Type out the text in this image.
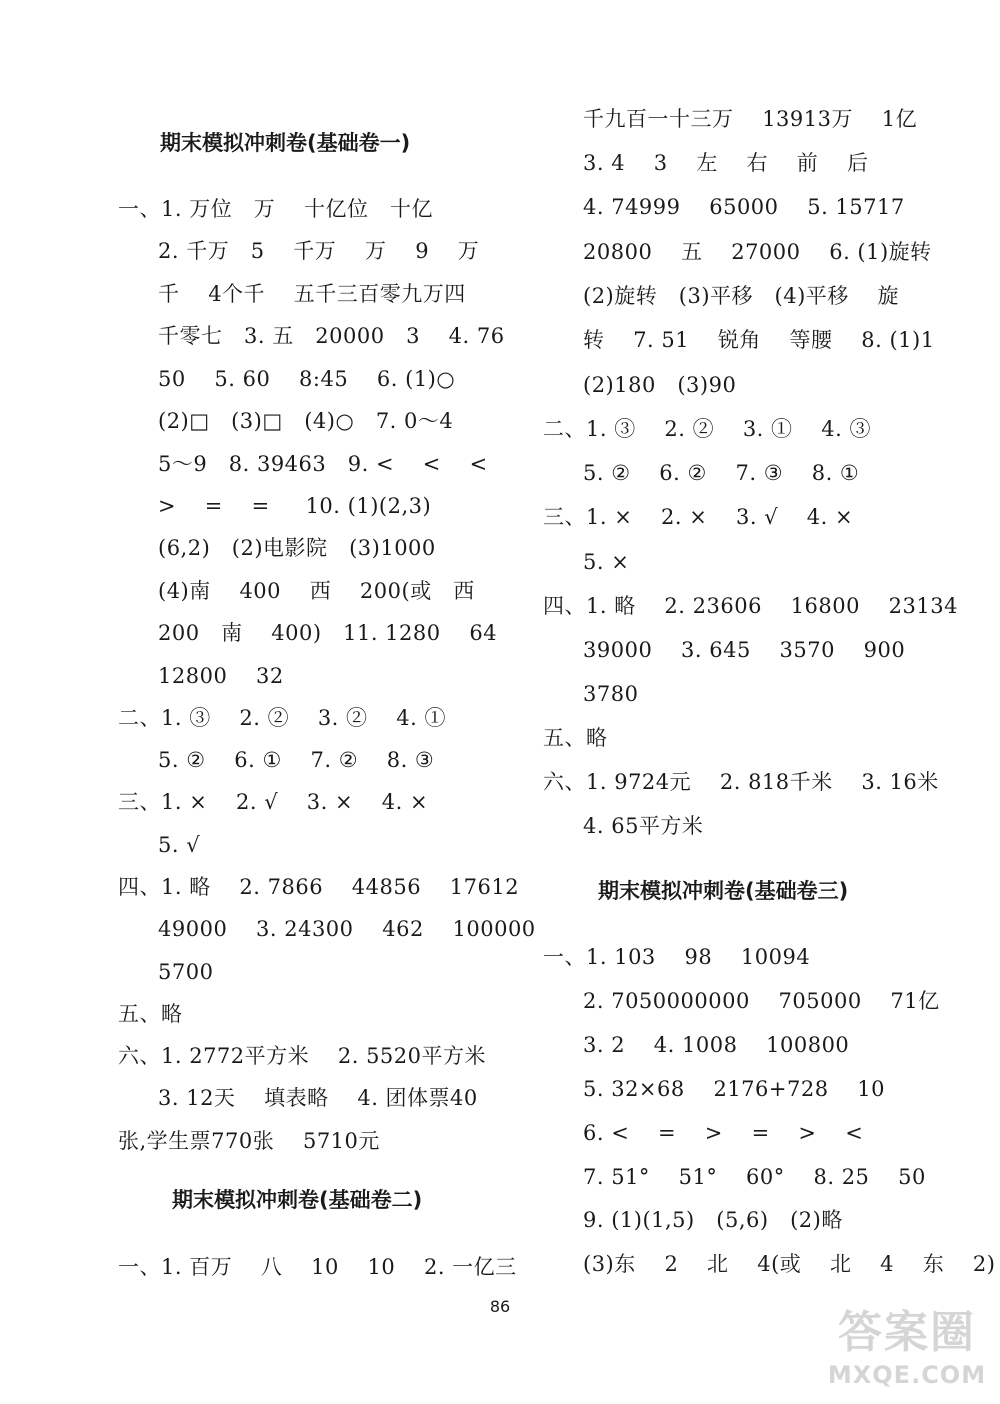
期末模拟冲刺卷(基础卷一)

一、1. 万位   万    十亿位   十亿

2. 千万   5    千万    万    9    万

千    4个千    五千三百零九万四

千零七   3. 五   20000   3    4. 76

50    5. 60    8:45    6. (1)○

(2)□   (3)□   (4)○   7. 0～4

5～9   8. 39463   9. <    <    <

>    =    =     10. (1)(2,3)

(6,2)   (2)电影院   (3)1000

(4)南    400    西    200(或   西

200   南    400)   11. 1280    64

12800    32

二、1. ③    2. ②    3. ②    4. ①

5. ②    6. ①    7. ②    8. ③

三、1. ×    2. √    3. ×    4. ×

5. √

四、1. 略    2. 7866    44856    17612

49000    3. 24300    462    100000

5700

五、略

六、1. 2772平方米    2. 5520平方米

3. 12天    填表略    4. 团体票40

张,学生票770张    5710元

期末模拟冲刺卷(基础卷二)

一、1. 百万    八    10    10    2. 一亿三

千九百一十三万    13913万    1亿

3. 4    3    左    右    前    后

4. 74999    65000    5. 15717

20800    五    27000    6. (1)旋转

(2)旋转   (3)平移   (4)平移    旋

转    7. 51    锐角    等腰    8. (1)1

(2)180   (3)90

二、1. ③    2. ②    3. ①    4. ③

5. ②    6. ②    7. ③    8. ①

三、1. ×    2. ×    3. √    4. ×

5. ×

四、1. 略    2. 23606    16800    23134

39000    3. 645    3570    900

3780

五、略

六、1. 9724元    2. 818千米    3. 16米

4. 65平方米

期末模拟冲刺卷(基础卷三)

一、1. 103    98    10094

2. 7050000000    705000    71亿

3. 2    4. 1008    100800

5. 32×68    2176+728    10

6. <    =    >    =    >    <

7. 51°    51°    60°    8. 25    50

9. (1)(1,5)   (5,6)   (2)略

(3)东    2    北    4(或    北    4    东    2)

86
答案圈
MXQE.COM
